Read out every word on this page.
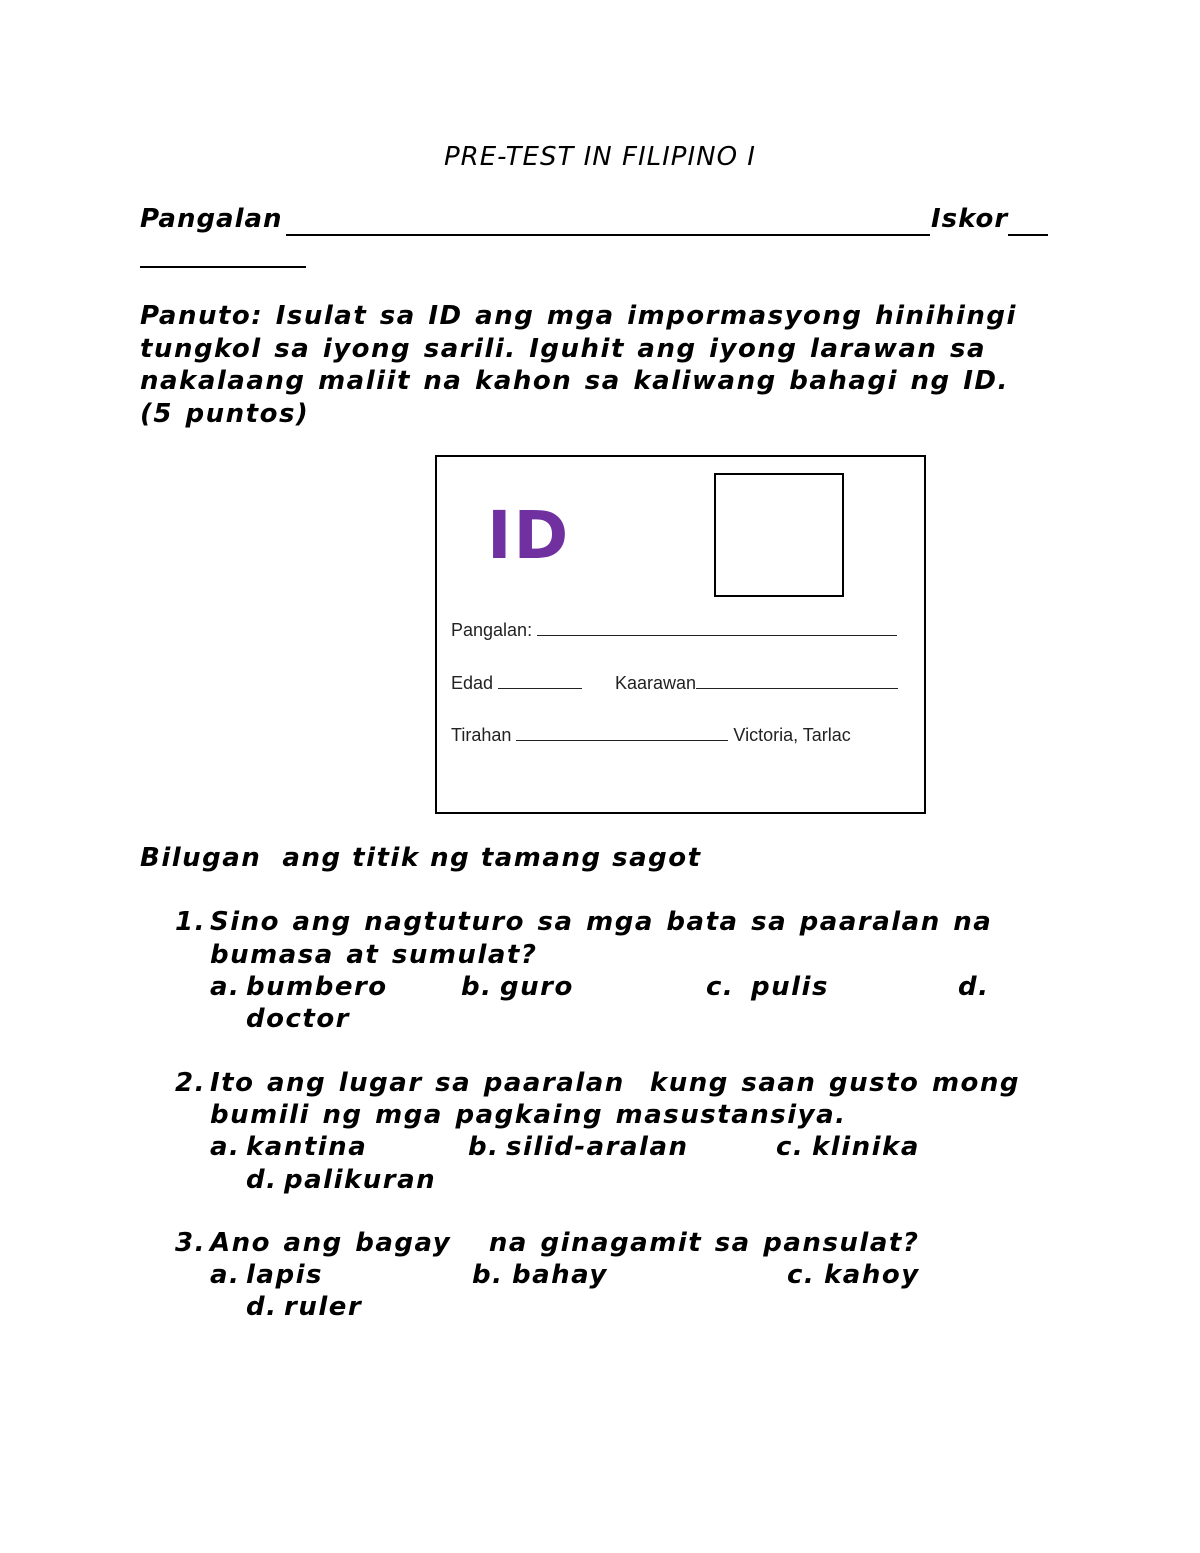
PRE-TEST IN FILIPINO I
Pangalan	Iskor
Panuto: Isulat sa ID ang mga impormasyong hinihingi tungkol sa iyong sarili. Iguhit ang iyong larawan sa nakalaang maliit na kahon sa kaliwang bahagi ng ID. (5 puntos)
ID
Pangalan:
Edad	Kaarawan
Tirahan	Victoria, Tarlac
Bilugan  ang titik ng tamang sagot
1. Sino ang nagtuturo sa mga bata sa paaralan na
bumasa at sumulat?
a. bumbero	b. guro	c. pulis	d.
doctor
2. Ito ang lugar sa paaralan  kung saan gusto mong
bumili ng mga pagkaing masustansiya.
a. kantina	b. silid-aralan	c. klinika
d. palikuran
3. Ano ang bagay   na ginagamit sa pansulat?
a. lapis	b. bahay	c. kahoy
d. ruler
